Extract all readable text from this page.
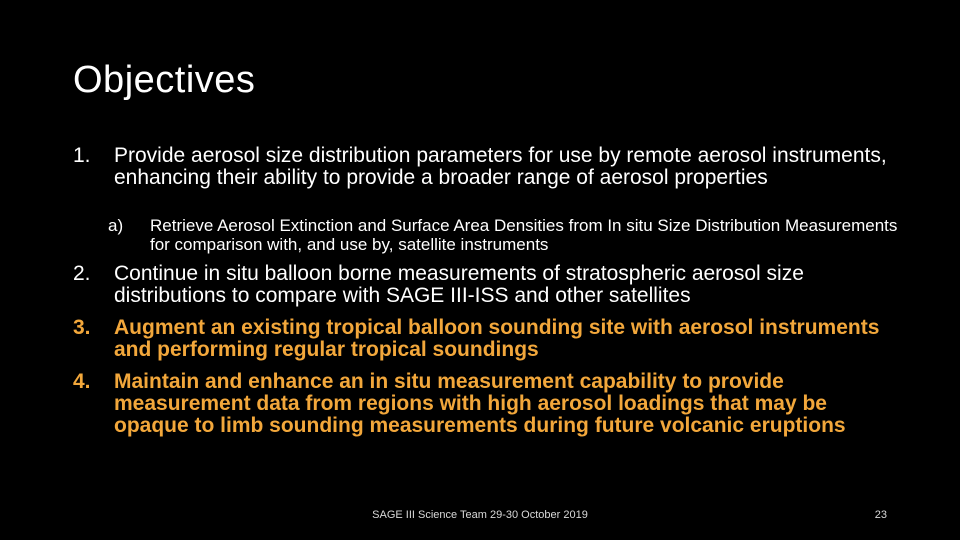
Objectives
1.	Provide aerosol size distribution parameters for use by remote aerosol instruments, enhancing their ability to provide a broader range of aerosol properties
a)	Retrieve Aerosol Extinction and Surface Area Densities from In situ Size Distribution Measurements for comparison with, and use by, satellite instruments
2.	Continue in situ balloon borne measurements of stratospheric aerosol size distributions to compare with SAGE III-ISS and other satellites
3.	Augment an existing tropical balloon sounding site with aerosol instruments and performing regular tropical soundings
4.	Maintain and enhance an in situ measurement capability to provide measurement data from regions with high aerosol loadings that may be opaque to limb sounding measurements during future volcanic eruptions
SAGE III Science Team 29-30 October 2019	23
